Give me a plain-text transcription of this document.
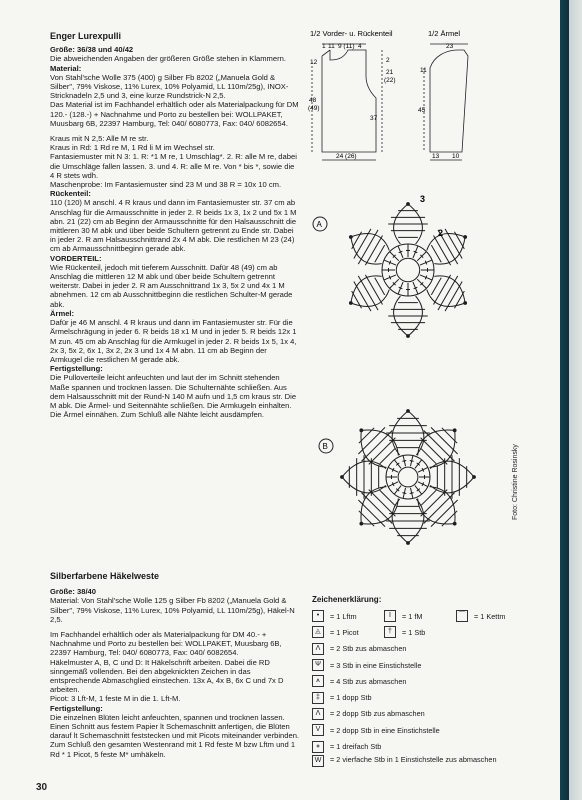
Enger Lurexpulli

Größe: 36/38 und 40/42

Die abweichenden Angaben der größeren Größe stehen in Klammern.

Material:

Von Stahl'sche Wolle 375 (400) g Silber Fb 8202 („Manuela Gold & Silber", 79% Viskose, 11% Lurex, 10% Polyamid, LL 110m/25g), INOX- Stricknadeln 2,5 und 3, eine kurze Rundstrick-N 2,5.

Das Material ist im Fachhandel erhältlich oder als Materialpackung für DM 120.- (128.-) + Nachnahme und Porto zu bestellen bei: WOLLPAKET, Muusbarg 6B, 22397 Hamburg, Tel: 040/ 6080773, Fax: 040/ 6082654.

Kraus mit N 2,5: Alle M re str.

Kraus in Rd: 1 Rd re M, 1 Rd li M im Wechsel str.

Fantasiemuster mit N 3: 1. R: *1 M re, 1 Umschlag*. 2. R: alle M re, dabei die Umschläge fallen lassen. 3. und 4. R: alle M re. Von * bis *, sowie die 4 R stets wdh.

Maschenprobe: Im Fantasiemuster sind 23 M und 38 R = 10x 10 cm.

Rückenteil:

110 (120) M anschl. 4 R kraus und dann im Fantasiemuster str. 37 cm ab Anschlag für die Armausschnitte in jeder 2. R beids 1x 3, 1x 2 und 5x 1 M abn. 21 (22) cm ab Beginn der Armausschnitte für den Halsausschnitt die mittleren 30 M abk und über beide Schultern getrennt zu Ende str. Dabei in jeder 2. R am Halsausschnittrand 2x 4 M abk. Die restlichen M 23 (24) cm ab Armausschnittbeginn gerade abk.

VORDERTEIL:

Wie Rückenteil, jedoch mit tieferem Ausschnitt. Dafür 48 (49) cm ab Anschlag die mittleren 12 M abk und über beide Schultern getrennt weiterstr. Dabei in jeder 2. R am Ausschnittrand 1x 3, 5x 2 und 4x 1 M abnehmen. 12 cm ab Ausschnittbeginn die restlichen Schulter-M gerade abk.

Ärmel:

Dafür je 46 M anschl. 4 R kraus und dann im Fantasiemuster str. Für die Ärmelschrägung in jeder 6. R beids 18 x1 M und in jeder 5. R beids 12x 1 M zun. 45 cm ab Anschlag für die Armkugel in jeder 2. R beids 1x 5, 1x 4, 2x 3, 5x 2, 6x 1, 3x 2, 2x 3 und 1x 4 M abn. 11 cm ab Beginn der Armkugel die restlichen M gerade abk.

Fertigstellung:

Die Pulloverteile leicht anfeuchten und laut der im Schnitt stehenden Maße spannen und trocknen lassen. Die Schulternähte schließen. Aus dem Halsausschnitt mit der Rund-N 140 M aufn und 1,5 cm kraus str. Die M abk. Die Ärmel- und Seitennähte schließen. Die Armkugeln einhalten. Die Ärmel einnähen. Zum Schluß alle Nähte leicht ausdämpfen.

Silberfarbene Häkelweste

Größe: 38/40

Material: Von Stahl'sche Wolle 125 g Silber Fb 8202 („Manuela Gold & Silber", 79% Viskose, 11% Lurex, 10% Polyamid, LL 110m/25g), Häkel-N 2,5.

Im Fachhandel erhältlich oder als Materialpackung für DM 40.- + Nachnahme und Porto zu bestellen bei: WOLLPAKET, Muusbarg 6B, 22397 Hamburg, Tel: 040/ 6080773, Fax: 040/ 6082654.

Häkelmuster A, B, C und D: It Häkelschrift arbeiten. Dabei die RD sinngemäß vollenden. Bei den abgeknickten Zeichen in das entsprechende Abmaschglied einstechen. 13x A, 4x B, 6x C und 7x D arbeiten.

Picot: 3 Lft-M, 1 feste M in die 1. Lft-M.

Fertigstellung:

Die einzelnen Blüten leicht anfeuchten, spannen und trocknen lassen. Einen Schnitt aus festem Papier lt Schemaschnitt anfertigen, die Blüten darauf lt Schemaschnitt feststecken und mit Picots miteinander verbinden. Zum Schluß den gesamten Westenrand mit 1 Rd feste M bzw Lftm und 1 Rd * 1 Picot, 5 feste M* umhäkeln.

1/2 Vorder- u. Rückenteil
1 11 9 (11) 4
12	2
21
(22)
48
(49)
37
24 (26)
1/2 Ärmel
23
11
45
13 10
A
3
2
B
Zeichenerklärung:
•	= 1 Lftm	I	= 1 fM	⌒	= 1 Kettm
◬	= 1 Picot	†	= 1 Stb
Λ	= 2 Stb zus abmaschen
Ψ	= 3 Stb in eine Einstichstelle
⩚	= 4 Stb zus abmaschen
‡	= 1 dopp Stb
Λ	= 2 dopp Stb zus abmaschen
V	= 2 dopp Stb in eine Einstichstelle
⧧	= 1 dreifach Stb
W	= 2 vierfache Stb in 1 Einstichstelle zus abmaschen
30
Foto: Christine Rosinsky
